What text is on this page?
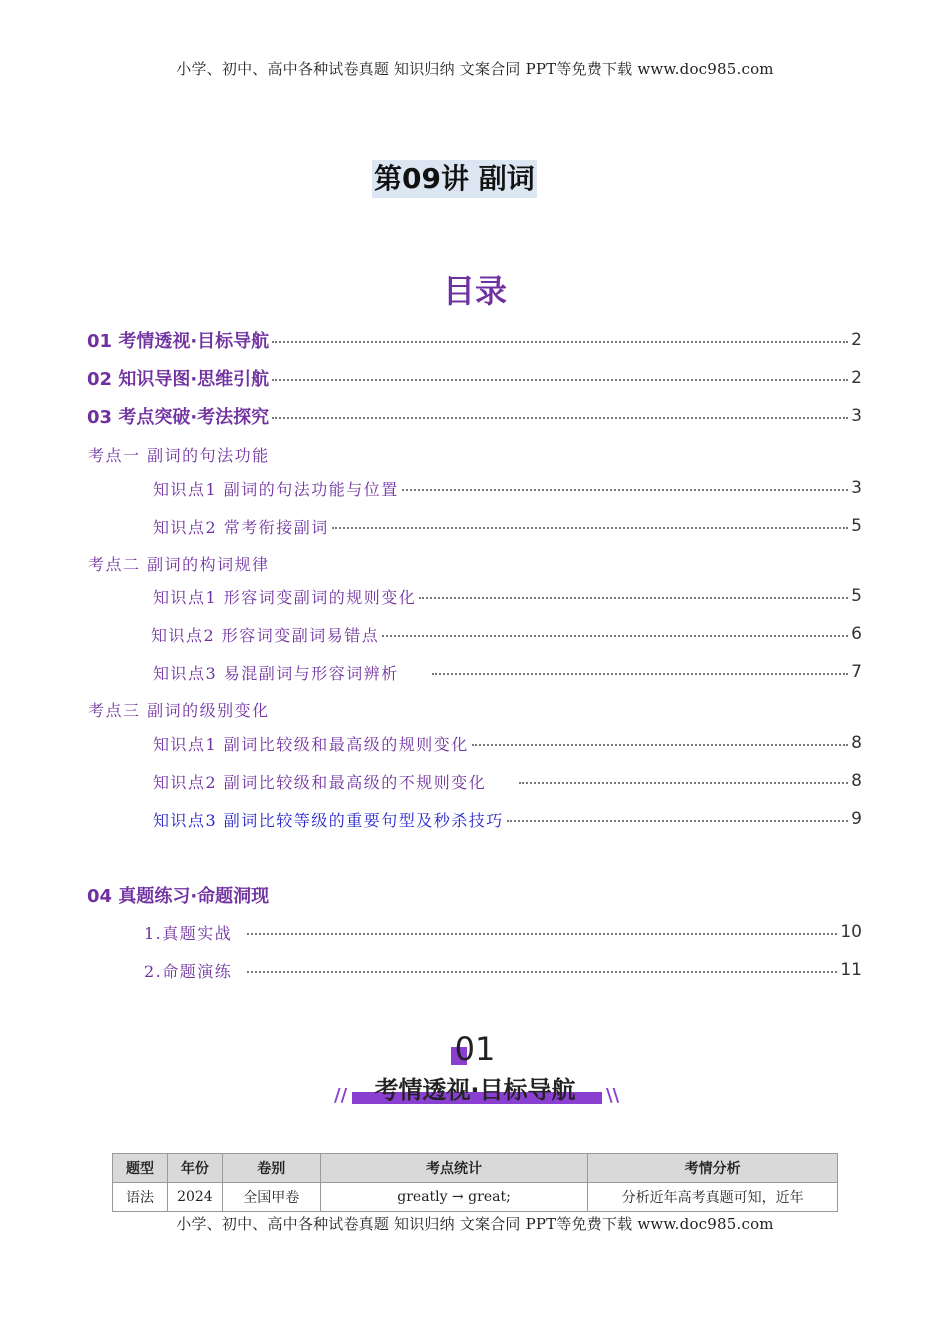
小学、初中、高中各种试卷真题 知识归纳 文案合同 PPT等免费下载 www.doc985.com
第09讲 副词
目录
01 考情透视·目标导航	2
02 知识导图·思维引航	2
03 考点突破·考法探究	3
考点一 副词的句法功能
知识点1 副词的句法功能与位置	3
知识点2 常考衔接副词	5
考点二 副词的构词规律
知识点1 形容词变副词的规则变化	5
知识点2 形容词变副词易错点	6
知识点3 易混副词与形容词辨析	7
考点三 副词的级别变化
知识点1 副词比较级和最高级的规则变化	8
知识点2 副词比较级和最高级的不规则变化	8
知识点3 副词比较等级的重要句型及秒杀技巧	9
04 真题练习·命题洞现
1.真题实战	10
2.命题演练	11
01
考情透视·目标导航
//	\\
题型	年份	卷别	考点统计	考情分析
语法	2024	全国甲卷	greatly → great;	分析近年高考真题可知，近年
小学、初中、高中各种试卷真题 知识归纳 文案合同 PPT等免费下载 www.doc985.com
